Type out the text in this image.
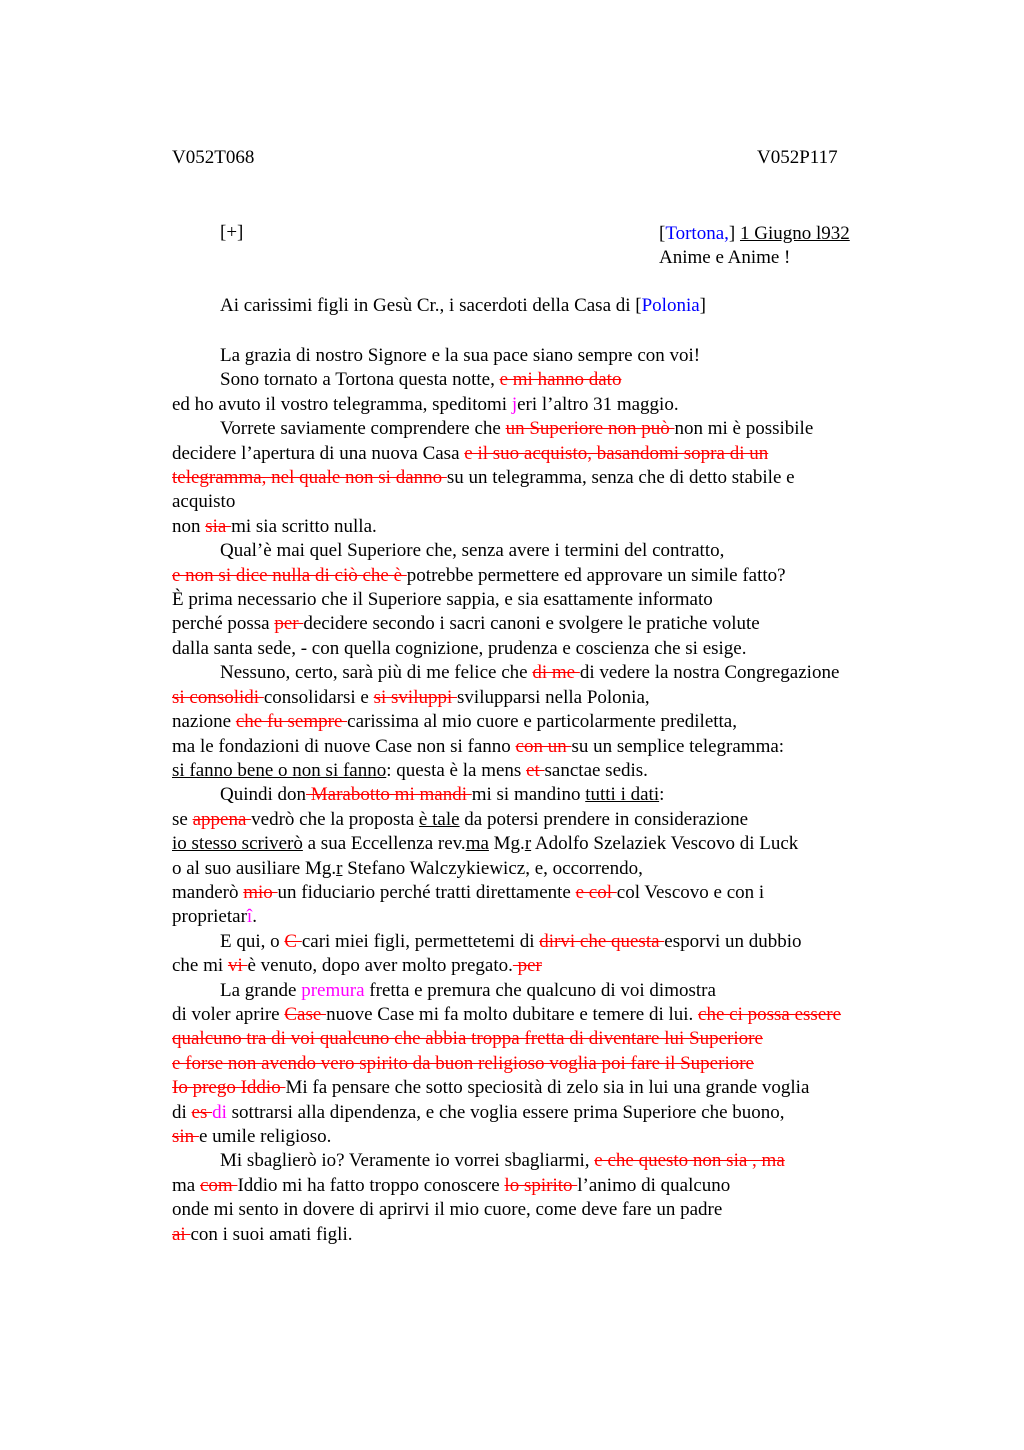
V052T068	V052P117
[+]	[Tortona,] 1 Giugno l932
Anime e Anime !
Ai carissimi figli in Gesù Cr., i sacerdoti della Casa di [Polonia]
La grazia di nostro Signore e la sua pace siano sempre con voi!
Sono tornato a Tortona questa notte, e mi hanno dato
ed ho avuto il vostro telegramma, speditomi jeri l’altro 31 maggio.
Vorrete saviamente comprendere che un Superiore non può non mi è possibile
decidere l’apertura di una nuova Casa e il suo acquisto, basandomi sopra di un
telegramma, nel quale non si danno su un telegramma, senza che di detto stabile e
acquisto
non sia mi sia scritto nulla.
Qual’è mai quel Superiore che, senza avere i termini del contratto,
e non si dice nulla di ciò che è potrebbe permettere ed approvare un simile fatto?
È prima necessario che il Superiore sappia, e sia esattamente informato
perché possa per decidere secondo i sacri canoni e svolgere le pratiche volute
dalla santa sede, - con quella cognizione, prudenza e coscienza che si esige.
Nessuno, certo, sarà più di me felice che di me di vedere la nostra Congregazione
si consolidi consolidarsi e si sviluppi svilupparsi nella Polonia,
nazione che fu sempre carissima al mio cuore e particolarmente prediletta,
ma le fondazioni di nuove Case non si fanno con un su un semplice telegramma:
si fanno bene o non si fanno: questa è la mens et sanctae sedis.
Quindi don Marabotto mi mandi mi si mandino tutti i dati:
se appena vedrò che la proposta è tale da potersi prendere in considerazione
io stesso scriverò a sua Eccellenza rev.ma Mg.r Adolfo Szelaziek Vescovo di Luck
o al suo ausiliare Mg.r Stefano Walczykiewicz, e, occorrendo,
manderò mio un fiduciario perché tratti direttamente e col col Vescovo e con i
proprietarî.
E qui, o C cari miei figli, permettetemi di dirvi che questa esporvi un dubbio
che mi vi è venuto, dopo aver molto pregato. per
La grande premura fretta e premura che qualcuno di voi dimostra
di voler aprire Case nuove Case mi fa molto dubitare e temere di lui. che ci possa essere
qualcuno tra di voi qualcuno che abbia troppa fretta di diventare lui Superiore
e forse non avendo vero spirito da buon religioso voglia poi fare il Superiore
Io prego Iddio Mi fa pensare che sotto speciosità di zelo sia in lui una grande voglia
di es di sottrarsi alla dipendenza, e che voglia essere prima Superiore che buono,
sin e umile religioso.
Mi sbaglierò io? Veramente io vorrei sbagliarmi, e che questo non sia , ma
ma com Iddio mi ha fatto troppo conoscere lo spirito l’animo di qualcuno
onde mi sento in dovere di aprirvi il mio cuore, come deve fare un padre
ai con i suoi amati figli.
